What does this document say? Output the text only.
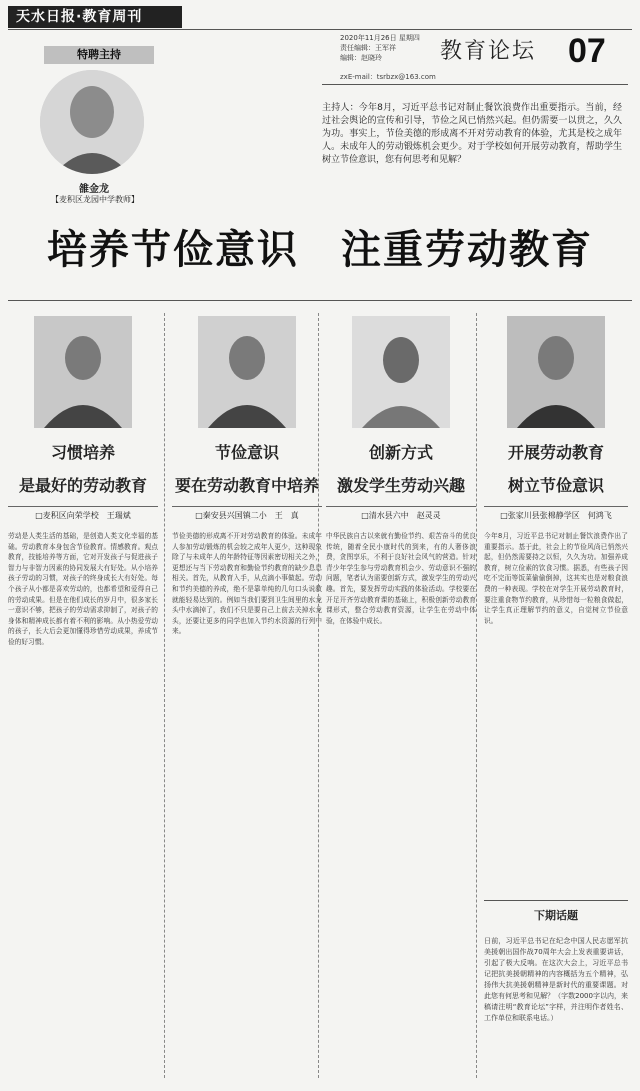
天水日报·教育周刊
2020年11月26日 星期四
责任编辑：王军祥
编辑：赵晓玲	教育论坛 07
zxE-mail：tsrbzx@163.com
特聘主持
雒金龙
【麦积区龙园中学教师】
主持人：今年8月，习近平总书记对制止餐饮浪费作出重要指示。当前，经过社会舆论的宣传和引导，节俭之风已悄然兴起。但仍需要一以贯之，久久为功。事实上，节俭美德的形成离不开对劳动教育的体验，尤其是校之成年人。未成年人的劳动锻炼机会更少。对于学校如何开展劳动教育，帮助学生树立节俭意识，您有何思考和见解？
培养节俭意识　注重劳动教育
习惯培养
是最好的劳动教育
□麦积区向荣学校　王瑞斌
劳动是人类生活的基础，是创造人类文化幸福的基础。劳动教育本身包含节俭教育。情感教育。观点教育，技能培养等方面，它对开发孩子与促进孩子智力与非智力因素的协同发展大有好处。从小培养孩子劳动的习惯，对孩子的终身成长大有好处。每个孩子从小都是喜欢劳动的，也都希望和爱得自己的劳动成果。但是在他们成长的岁月中，很多家长一意识不够，把孩子的劳动需求抑制了，对孩子的身体和精神成长都有着不利的影响。从小热爱劳动的孩子，长大后会更加懂得珍惜劳动成果，养成节俭的好习惯。
节俭意识
要在劳动教育中培养
□秦安县兴国镇二小　王　真
节俭美德的形成离不开对劳动教育的体验。未成年人参加劳动锻炼的机会较之成年人更少，这种现象除了与未成年人的年龄特征等因素密切相关之外，更想还与当下劳动教育和勤俭节约教育的缺少息息相关。首先，从教育入手，从点滴小事做起。劳动和节约美德的养成，绝不是靠单纯的几句口头说教就能轻易达到的。例如当我们要到卫生间里的水龙头中水滴掉了，我们不只是要自己上前去关掉水龙头，还要让更多的同学也加入节约水资源的行列中来。
创新方式
激发学生劳动兴趣
□清水县六中　赵灵灵
中华民族自古以来就有勤俭节约、艰苦奋斗的优良传统，随着全民小康时代的到来，有的人奢侈浪费，贪图享乐，不利于良好社会风气的营造。针对青少年学生参与劳动教育机会少、劳动意识不强的问题，笔者认为需要创新方式，激发学生的劳动兴趣。首先，要发挥劳动实践的体验活动。学校要在开足开齐劳动教育课的基础上，积极创新劳动教育课形式，整合劳动教育资源，让学生在劳动中体验，在体验中成长。
开展劳动教育
树立节俭意识
□张家川县张棉静学区　何鸿飞
今年8月，习近平总书记对制止餐饮浪费作出了重要指示。基于此，社会上的节俭风尚已悄然兴起，但仍然需要持之以恒，久久为功。加强养成教育，树立俭素的饮食习惯。据悉，有些孩子因吃不完而等饭菜偷偷倒掉，这其实也是对粮食浪费的一种表现。学校在对学生开展劳动教育时，要注重食物节约教育，从珍惜每一粒粮食做起，让学生真正理解节约的意义，自觉树立节俭意识。
下期话题
日前，习近平总书记在纪念中国人民志愿军抗美援朝出国作战70周年大会上发表重要讲话，引起了极大反响。在这次大会上，习近平总书记把抗美援朝精神的内容概括为五个精神，弘扬伟大抗美援朝精神是新时代的重要课题。对此您有何思考和见解？（字数2000字以内，来稿请注明“教育论坛”字样，并注明作者姓名、工作单位和联系电话。）
